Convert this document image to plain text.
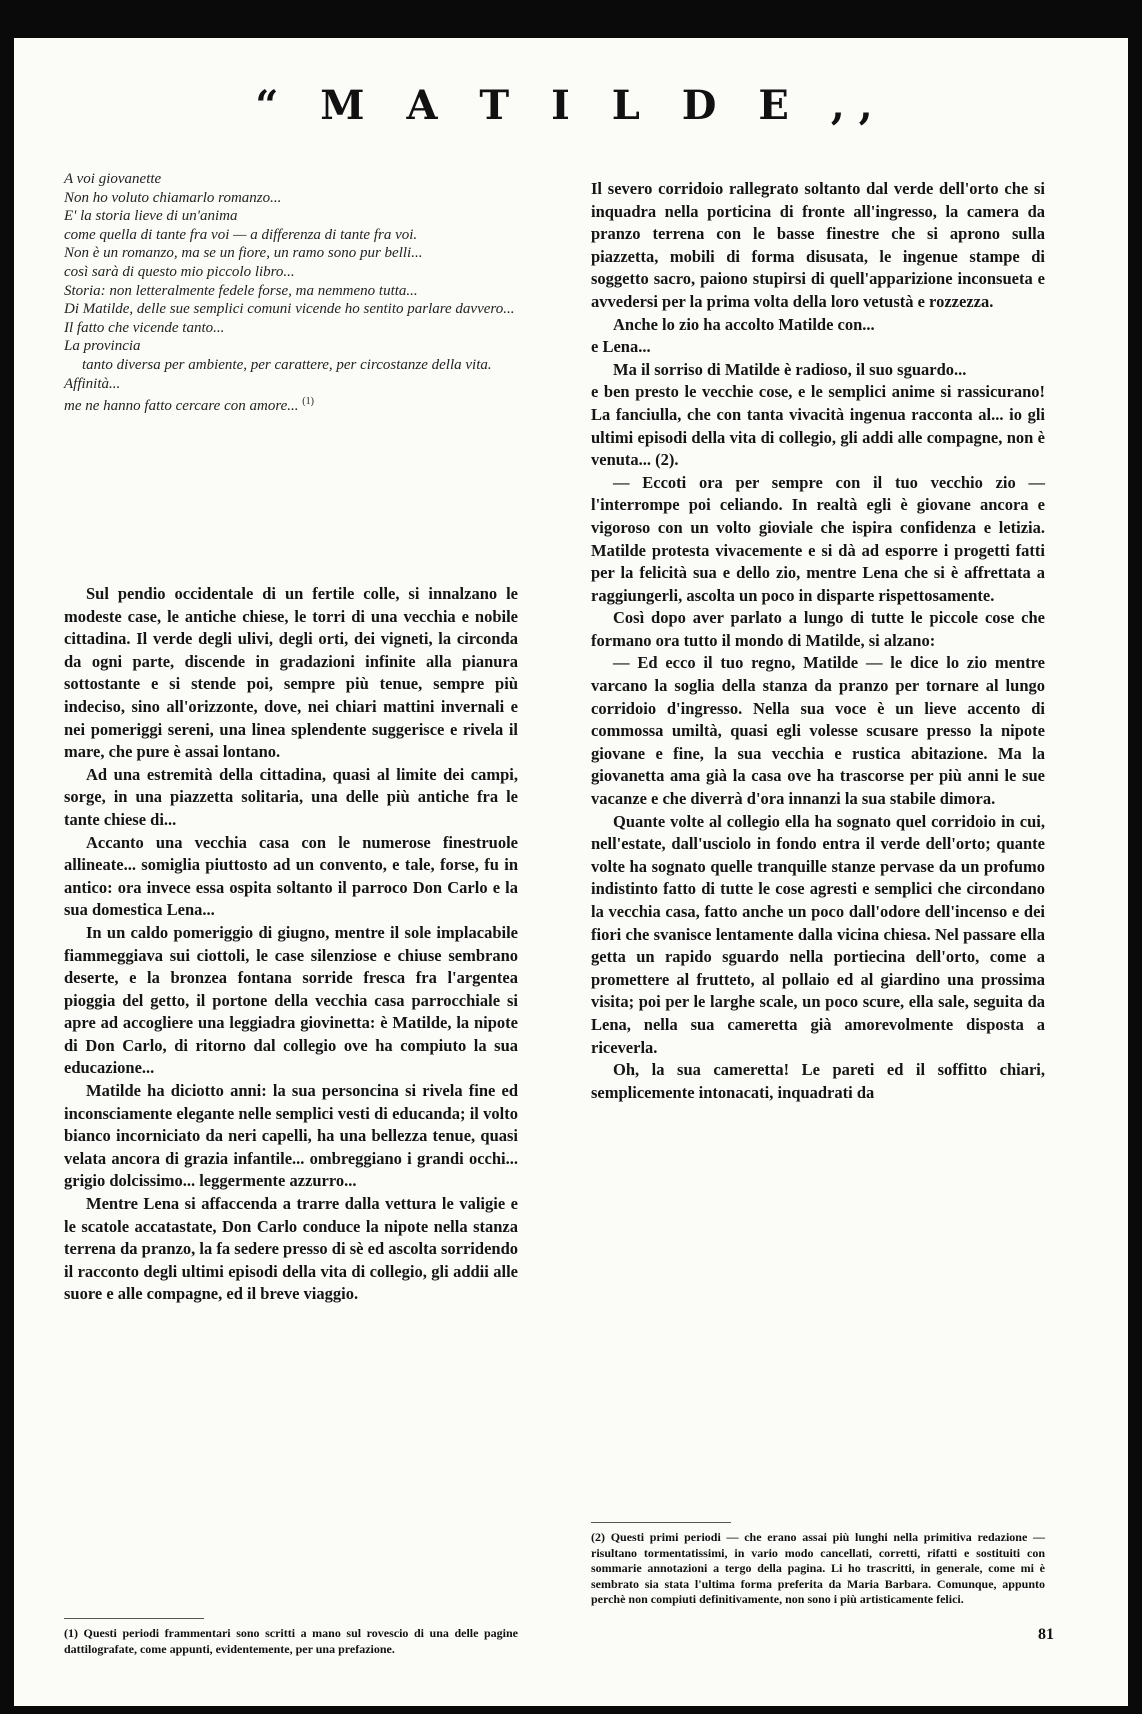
“ M A T I L D E ,,

A voi giovanette

Non ho voluto chiamarlo romanzo...

E' la storia lieve di un'anima

come quella di tante fra voi — a differenza di tante fra voi.

Non è un romanzo, ma se un fiore, un ramo sono pur belli...

così sarà di questo mio piccolo libro...

Storia: non letteralmente fedele forse, ma nemmeno tutta...

Di Matilde, delle sue semplici comuni vicende ho sentito parlare davvero...

Il fatto che vicende tanto...

La provincia

tanto diversa per ambiente, per carattere, per circostanze della vita.

Affinità...

me ne hanno fatto cercare con amore... $^{(1)}$

Sul pendio occidentale di un fertile colle, si innalzano le modeste case, le antiche chiese, le torri di una vecchia e nobile cittadina. Il verde degli ulivi, degli orti, dei vigneti, la circonda da ogni parte, discende in gradazioni infinite alla pianura sottostante e si stende poi, sempre più tenue, sempre più indeciso, sino all'orizzonte, dove, nei chiari mattini invernali e nei pomeriggi sereni, una linea splendente suggerisce e rivela il mare, che pure è assai lontano.

Ad una estremità della cittadina, quasi al limite dei campi, sorge, in una piazzetta solitaria, una delle più antiche fra le tante chiese di...

Accanto una vecchia casa con le numerose finestruole allineate... somiglia piuttosto ad un convento, e tale, forse, fu in antico: ora invece essa ospita soltanto il parroco Don Carlo e la sua domestica Lena...

In un caldo pomeriggio di giugno, mentre il sole implacabile fiammeggiava sui ciottoli, le case silenziose e chiuse sembrano deserte, e la bronzea fontana sorride fresca fra l'argentea pioggia del getto, il portone della vecchia casa parrocchiale si apre ad accogliere una leggiadra giovinetta: è Matilde, la nipote di Don Carlo, di ritorno dal collegio ove ha compiuto la sua educazione...

Matilde ha diciotto anni: la sua personcina si rivela fine ed inconsciamente elegante nelle semplici vesti di educanda; il volto bianco incorniciato da neri capelli, ha una bellezza tenue, quasi velata ancora di grazia infantile... ombreggiano i grandi occhi... grigio dolcissimo... leggermente azzurro...

Mentre Lena si affaccenda a trarre dalla vettura le valigie e le scatole accatastate, Don Carlo conduce la nipote nella stanza terrena da pranzo, la fa sedere presso di sè ed ascolta sorridendo il racconto degli ultimi episodi della vita di collegio, gli addii alle suore e alle compagne, ed il breve viaggio.

(1) Questi periodi frammentari sono scritti a mano sul rovescio di una delle pagine dattilografate, come appunti, evidentemente, per una prefazione.

Il severo corridoio rallegrato soltanto dal verde dell'orto che si inquadra nella porticina di fronte all'ingresso, la camera da pranzo terrena con le basse finestre che si aprono sulla piazzetta, mobili di forma disusata, le ingenue stampe di soggetto sacro, paiono stupirsi di quell'apparizione inconsueta e avvedersi per la prima volta della loro vetustà e rozzezza.

Anche lo zio ha accolto Matilde con...

e Lena...

Ma il sorriso di Matilde è radioso, il suo sguardo...

e ben presto le vecchie cose, e le semplici anime si rassicurano! La fanciulla, che con tanta vivacità ingenua racconta al... io gli ultimi episodi della vita di collegio, gli addi alle compagne, non è venuta... (2).

— Eccoti ora per sempre con il tuo vecchio zio — l'interrompe poi celiando. In realtà egli è giovane ancora e vigoroso con un volto gioviale che ispira confidenza e letizia. Matilde protesta vivacemente e si dà ad esporre i progetti fatti per la felicità sua e dello zio, mentre Lena che si è affrettata a raggiungerli, ascolta un poco in disparte rispettosamente.

Così dopo aver parlato a lungo di tutte le piccole cose che formano ora tutto il mondo di Matilde, si alzano:

— Ed ecco il tuo regno, Matilde — le dice lo zio mentre varcano la soglia della stanza da pranzo per tornare al lungo corridoio d'ingresso. Nella sua voce è un lieve accento di commossa umiltà, quasi egli volesse scusare presso la nipote giovane e fine, la sua vecchia e rustica abitazione. Ma la giovanetta ama già la casa ove ha trascorse per più anni le sue vacanze e che diverrà d'ora innanzi la sua stabile dimora.

Quante volte al collegio ella ha sognato quel corridoio in cui, nell'estate, dall'usciolo in fondo entra il verde dell'orto; quante volte ha sognato quelle tranquille stanze pervase da un profumo indistinto fatto di tutte le cose agresti e semplici che circondano la vecchia casa, fatto anche un poco dall'odore dell'incenso e dei fiori che svanisce lentamente dalla vicina chiesa. Nel passare ella getta un rapido sguardo nella portiecina dell'orto, come a promettere al frutteto, al pollaio ed al giardino una prossima visita; poi per le larghe scale, un poco scure, ella sale, seguita da Lena, nella sua cameretta già amorevolmente disposta a riceverla.

Oh, la sua cameretta! Le pareti ed il soffitto chiari, semplicemente intonacati, inquadrati da

(2) Questi primi periodi — che erano assai più lunghi nella primitiva redazione — risultano tormentatissimi, in vario modo cancellati, corretti, rifatti e sostituiti con sommarie annotazioni a tergo della pagina. Li ho trascritti, in generale, come mi è sembrato sia stata l'ultima forma preferita da Maria Barbara. Comunque, appunto perchè non compiuti definitivamente, non sono i più artisticamente felici.
81
